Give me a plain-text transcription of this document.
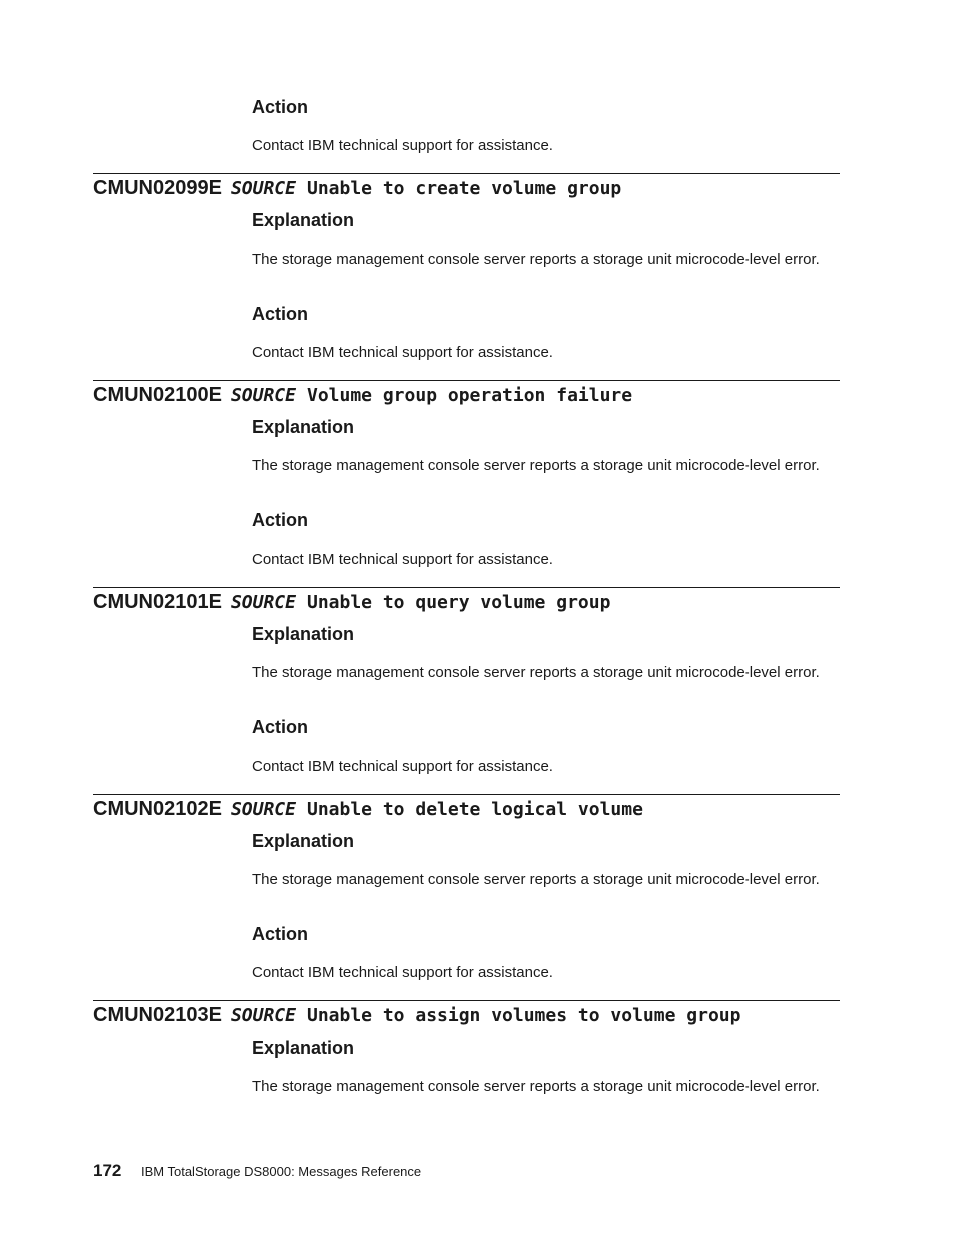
Action

Contact IBM technical support for assistance.

CMUN02099E SOURCE Unable to create volume group
Explanation

The storage management console server reports a storage unit microcode-level error.

Action

Contact IBM technical support for assistance.

CMUN02100E SOURCE Volume group operation failure
Explanation

The storage management console server reports a storage unit microcode-level error.

Action

Contact IBM technical support for assistance.

CMUN02101E SOURCE Unable to query volume group
Explanation

The storage management console server reports a storage unit microcode-level error.

Action

Contact IBM technical support for assistance.

CMUN02102E SOURCE Unable to delete logical volume
Explanation

The storage management console server reports a storage unit microcode-level error.

Action

Contact IBM technical support for assistance.

CMUN02103E SOURCE Unable to assign volumes to volume group
Explanation

The storage management console server reports a storage unit microcode-level error.

172 IBM TotalStorage DS8000: Messages Reference
